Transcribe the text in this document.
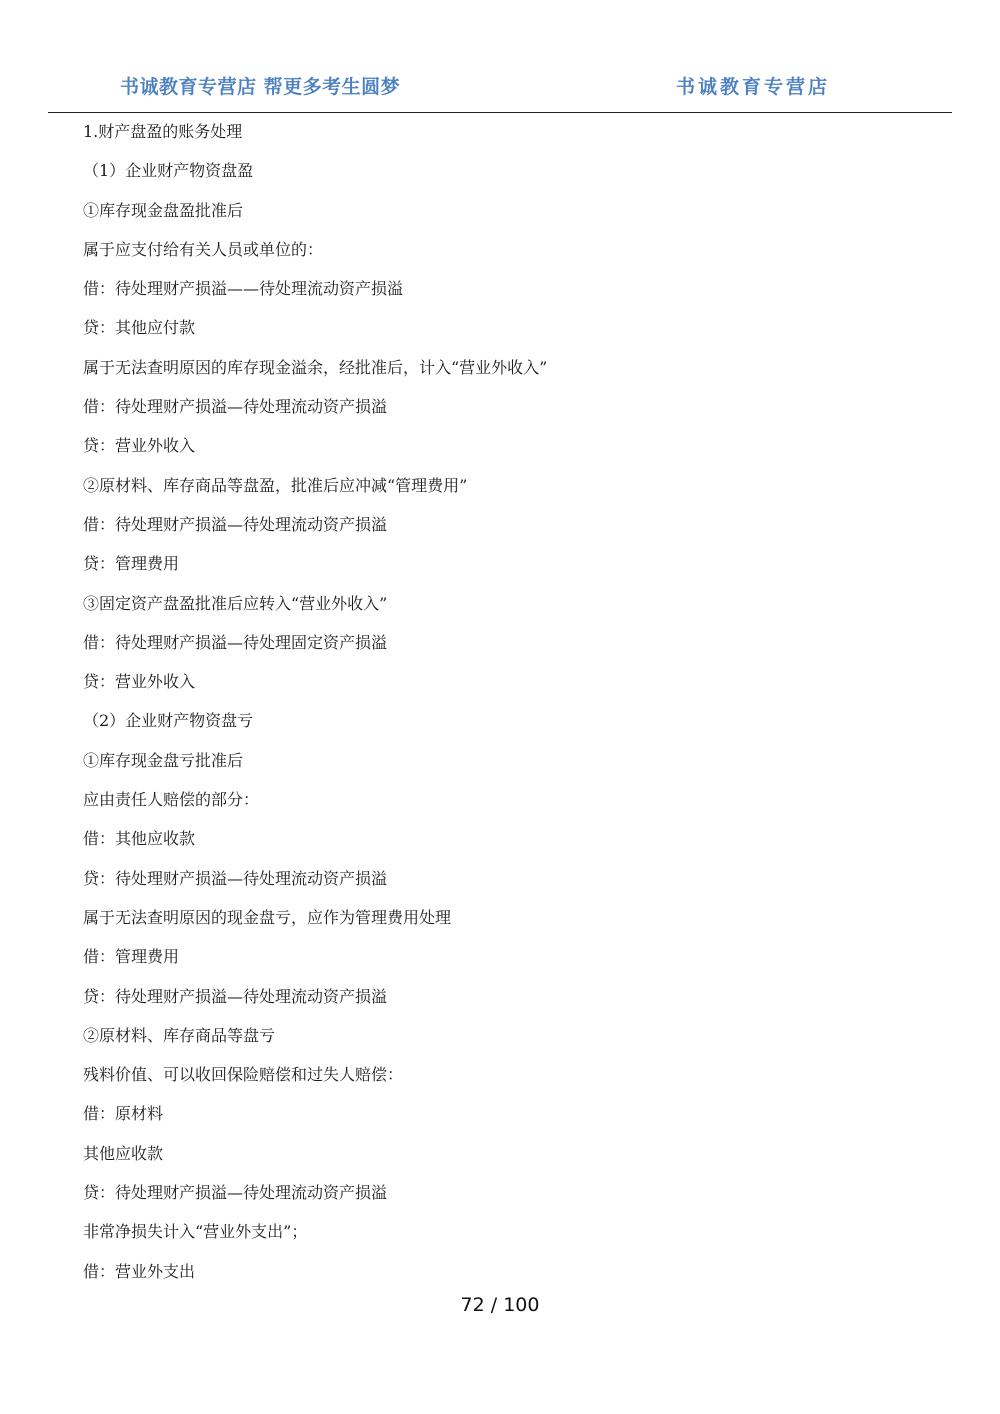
书诚教育专营店 帮更多考生圆梦	书诚教育专营店
1.财产盘盈的账务处理
（1）企业财产物资盘盈
①库存现金盘盈批准后
属于应支付给有关人员或单位的：
借：待处理财产损溢——待处理流动资产损溢
贷：其他应付款
属于无法查明原因的库存现金溢余，经批准后，计入“营业外收入”
借：待处理财产损溢—待处理流动资产损溢
贷：营业外收入
②原材料、库存商品等盘盈，批准后应冲减“管理费用”
借：待处理财产损溢—待处理流动资产损溢
贷：管理费用
③固定资产盘盈批准后应转入“营业外收入”
借：待处理财产损溢—待处理固定资产损溢
贷：营业外收入
（2）企业财产物资盘亏
①库存现金盘亏批准后
应由责任人赔偿的部分：
借：其他应收款
贷：待处理财产损溢—待处理流动资产损溢
属于无法查明原因的现金盘亏，应作为管理费用处理
借：管理费用
贷：待处理财产损溢—待处理流动资产损溢
②原材料、库存商品等盘亏
残料价值、可以收回保险赔偿和过失人赔偿：
借：原材料
其他应收款
贷：待处理财产损溢—待处理流动资产损溢
非常净损失计入“营业外支出”；
借：营业外支出
72 / 100
